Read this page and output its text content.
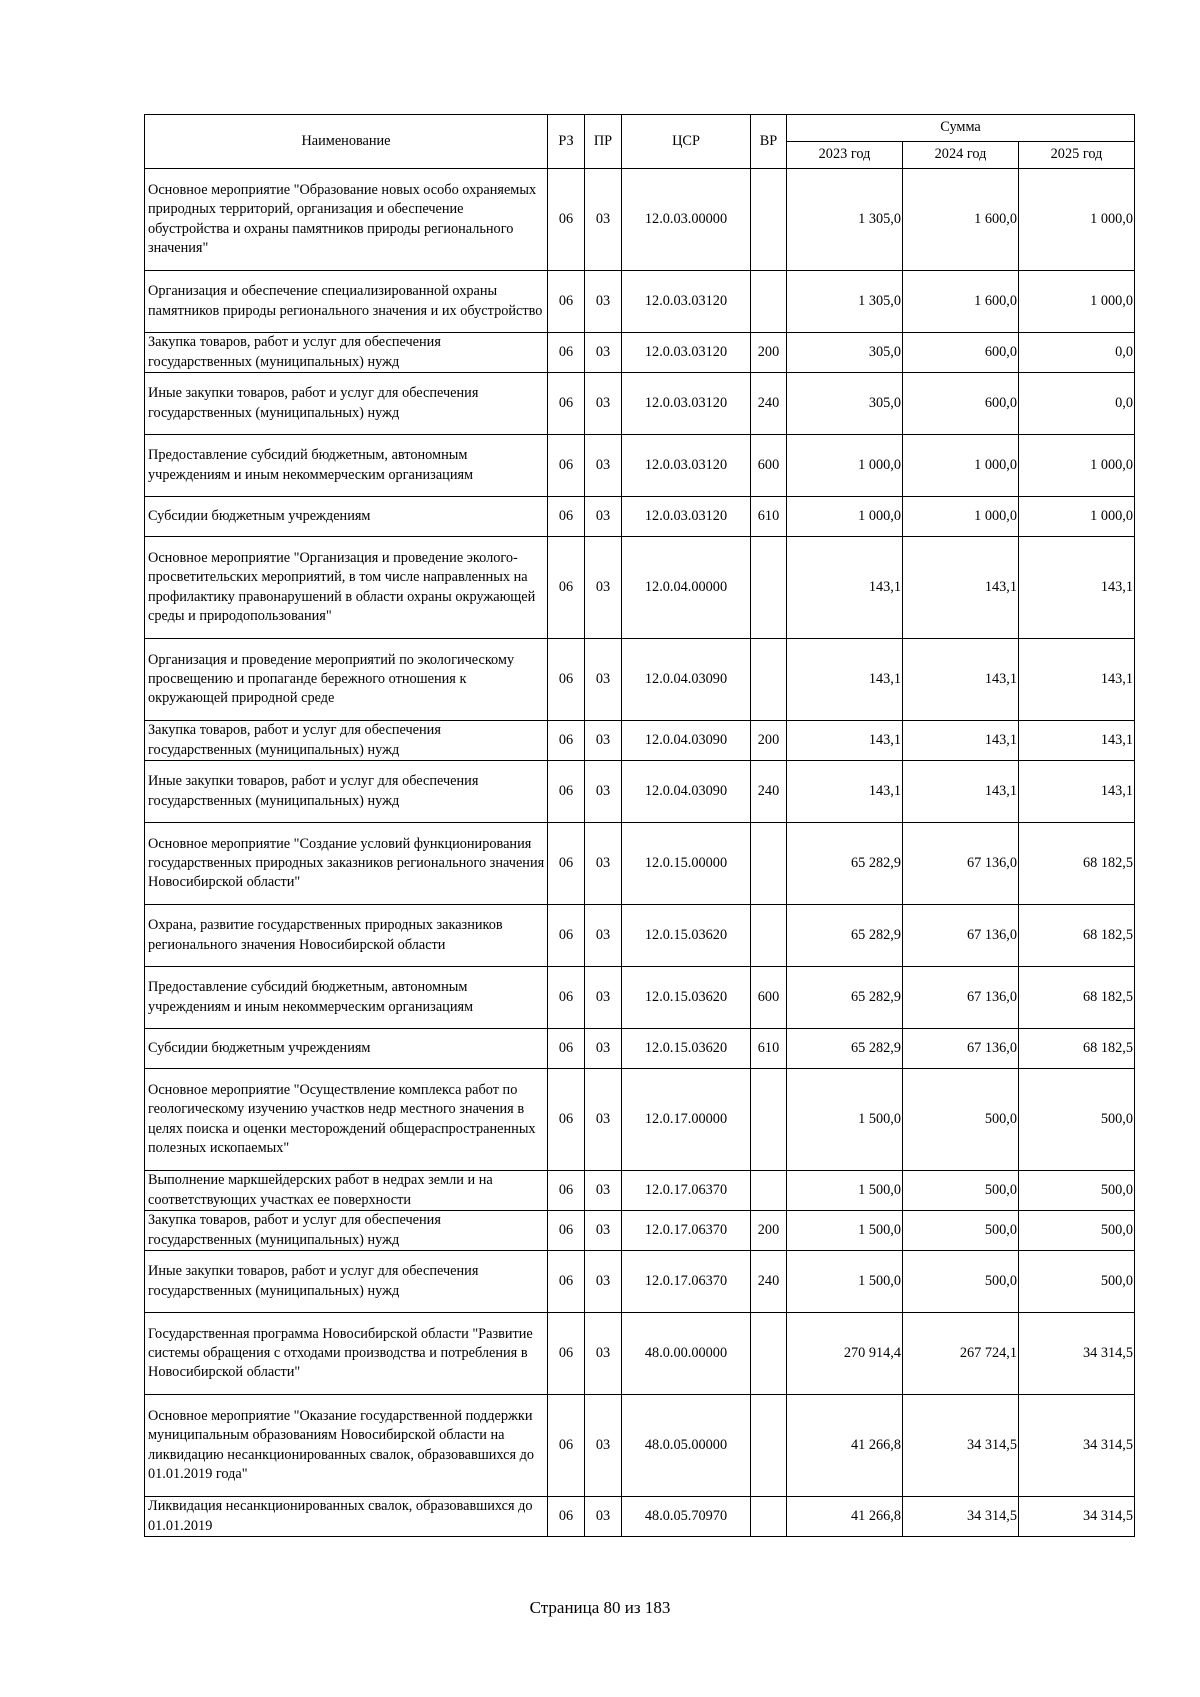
Наименование	РЗ	ПР	ЦСР	ВР	Сумма		
					2023 год	2024 год	2025 год
Основное мероприятие "Образование новых особо охраняемых природных территорий, организация и обеспечение обустройства и охраны памятников природы регионального значения"	06	03	12.0.03.00000		1 305,0	1 600,0	1 000,0
Организация и обеспечение специализированной охраны памятников природы регионального значения и их обустройство	06	03	12.0.03.03120		1 305,0	1 600,0	1 000,0
Закупка товаров, работ и услуг для обеспечения государственных (муниципальных) нужд	06	03	12.0.03.03120	200	305,0	600,0	0,0
Иные закупки товаров, работ и услуг для обеспечения государственных (муниципальных) нужд	06	03	12.0.03.03120	240	305,0	600,0	0,0
Предоставление субсидий бюджетным, автономным учреждениям и иным некоммерческим организациям	06	03	12.0.03.03120	600	1 000,0	1 000,0	1 000,0
Субсидии бюджетным учреждениям	06	03	12.0.03.03120	610	1 000,0	1 000,0	1 000,0
Основное мероприятие "Организация и проведение эколого-просветительских мероприятий, в том числе направленных на профилактику правонарушений в области охраны окружающей среды и природопользования"	06	03	12.0.04.00000		143,1	143,1	143,1
Организация и проведение мероприятий по экологическому просвещению и пропаганде бережного отношения к окружающей природной среде	06	03	12.0.04.03090		143,1	143,1	143,1
Закупка товаров, работ и услуг для обеспечения государственных (муниципальных) нужд	06	03	12.0.04.03090	200	143,1	143,1	143,1
Иные закупки товаров, работ и услуг для обеспечения государственных (муниципальных) нужд	06	03	12.0.04.03090	240	143,1	143,1	143,1
Основное мероприятие "Создание условий функционирования государственных природных заказников регионального значения Новосибирской области"	06	03	12.0.15.00000		65 282,9	67 136,0	68 182,5
Охрана, развитие государственных природных заказников регионального значения Новосибирской области	06	03	12.0.15.03620		65 282,9	67 136,0	68 182,5
Предоставление субсидий бюджетным, автономным учреждениям и иным некоммерческим организациям	06	03	12.0.15.03620	600	65 282,9	67 136,0	68 182,5
Субсидии бюджетным учреждениям	06	03	12.0.15.03620	610	65 282,9	67 136,0	68 182,5
Основное мероприятие "Осуществление комплекса работ по геологическому изучению участков недр местного значения в целях поиска и оценки месторождений общераспространенных полезных ископаемых"	06	03	12.0.17.00000		1 500,0	500,0	500,0
Выполнение маркшейдерских работ в недрах земли и на соответствующих участках ее поверхности	06	03	12.0.17.06370		1 500,0	500,0	500,0
Закупка товаров, работ и услуг для обеспечения государственных (муниципальных) нужд	06	03	12.0.17.06370	200	1 500,0	500,0	500,0
Иные закупки товаров, работ и услуг для обеспечения государственных (муниципальных) нужд	06	03	12.0.17.06370	240	1 500,0	500,0	500,0
Государственная программа Новосибирской области "Развитие системы обращения с отходами производства и потребления в Новосибирской области"	06	03	48.0.00.00000		270 914,4	267 724,1	34 314,5
Основное мероприятие "Оказание государственной поддержки муниципальным образованиям Новосибирской области на ликвидацию несанкционированных свалок, образовавшихся до 01.01.2019 года"	06	03	48.0.05.00000		41 266,8	34 314,5	34 314,5
Ликвидация несанкционированных свалок, образовавшихся до 01.01.2019	06	03	48.0.05.70970		41 266,8	34 314,5	34 314,5
Страница 80 из 183
